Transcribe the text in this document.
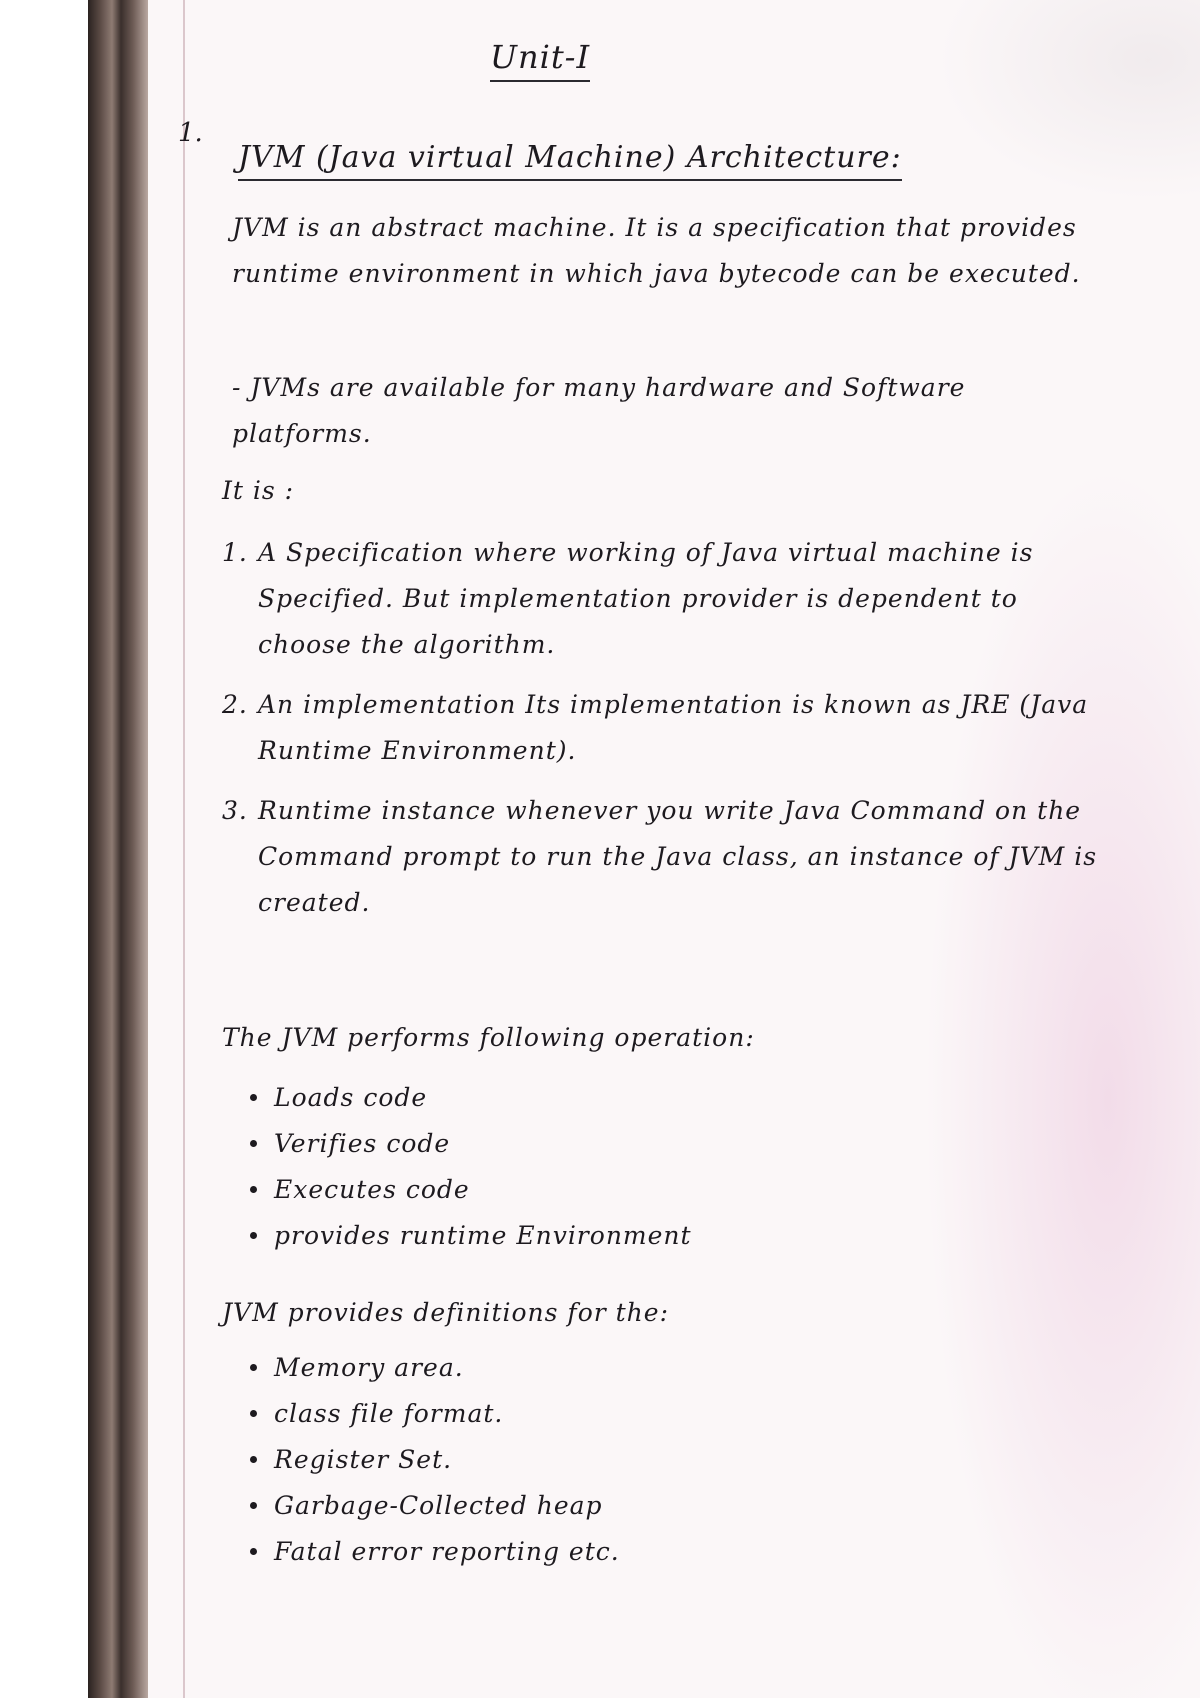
Unit-I

1.

JVM (Java virtual Machine) Architecture:

JVM is an abstract machine. It is a specification that provides runtime environment in which java bytecode can be executed.

- JVMs are available for many hardware and Software platforms.

It is :

1. A Specification where working of Java virtual machine is Specified. But implementation provider is dependent to choose the algorithm.
2. An implementation Its implementation is known as JRE (Java Runtime Environment).
3. Runtime instance whenever you write Java Command on the Command prompt to run the Java class, an instance of JVM is created.

The JVM performs following operation:

Loads code
Verifies code
Executes code
provides runtime Environment

JVM provides definitions for the:

Memory area.
class file format.
Register Set.
Garbage-Collected heap
Fatal error reporting etc.
